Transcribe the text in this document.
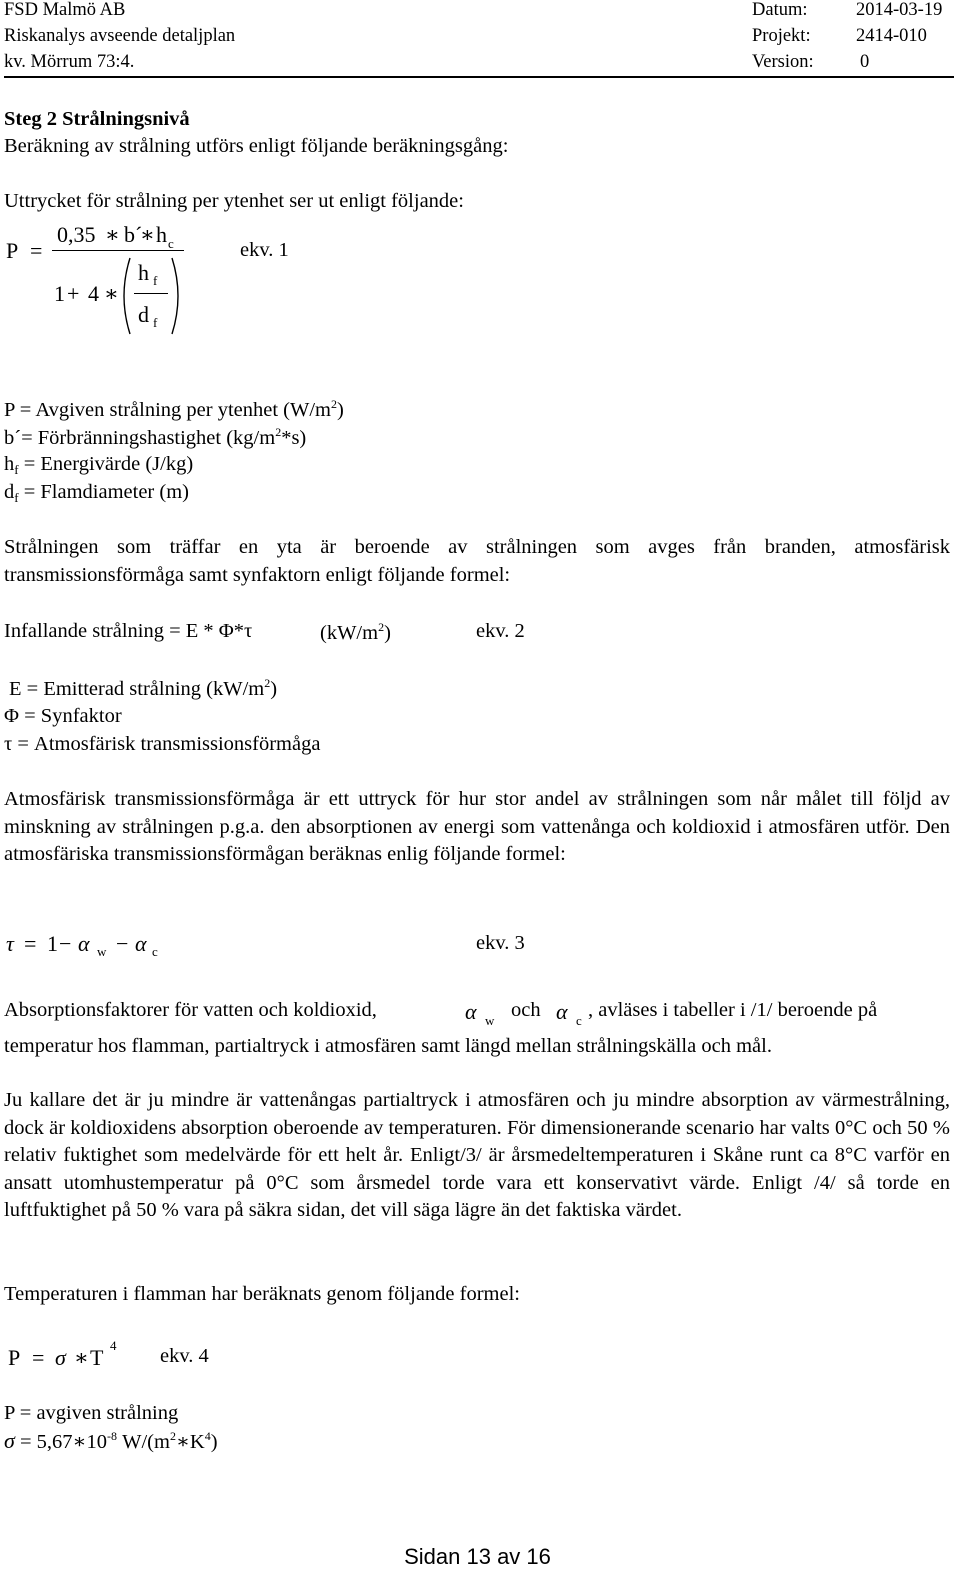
FSD Malmö AB
Riskanalys avseende detaljplan
kv. Mörrum 73:4.
Datum:	2014-03-19
Projekt: 2414-010
Version:	0
Steg 2 Strålningsnivå
Beräkning av strålning utförs enligt följande beräkningsgång:
Uttrycket för strålning per ytenhet ser ut enligt följande:
P =
0,35 ∗ b´
∗ h c
1 + 4 ∗
h f
d f
ekv. 1
P = Avgiven strålning per ytenhet $(W/m^2)$
b´= Förbränningshastighet $(kg/m^2*s)$
$h_f$ = Energivärde (J/kg)
$d_f$ = Flamdiameter (m)
Strålningen som träffar en yta är beroende av strålningen som avges från branden, atmosfärisk transmissionsförmåga samt synfaktorn enligt följande formel:
Infallande strålning = E * Φ*τ	$(kW/m^2)$	ekv. 2
E = Emitterad strålning $(kW/m^2)$
Φ = Synfaktor
τ = Atmosfärisk transmissionsförmåga
Atmosfärisk transmissionsförmåga är ett uttryck för hur stor andel av strålningen som når målet till följd av minskning av strålningen p.g.a. den absorptionen av energi som vattenånga och koldioxid i atmosfären utför. Den atmosfäriska transmissionsförmågan beräknas enlig följande formel:
τ = 1 − α w − α c	ekv. 3
Absorptionsfaktorer för vatten och koldioxid,	α w och α c , avläses i tabeller i /1/ beroende på
temperatur hos flamman, partialtryck i atmosfären samt längd mellan strålningskälla och mål.
Ju kallare det är ju mindre är vattenångas partialtryck i atmosfären och ju mindre absorption av värmestrålning, dock är koldioxidens absorption oberoende av temperaturen. För dimensionerande scenario har valts 0°C och 50 % relativ fuktighet som medelvärde för ett helt år. Enligt/3/ är årsmedeltemperaturen i Skåne runt ca 8°C varför en ansatt utomhustemperatur på 0°C som årsmedel torde vara ett konservativt värde. Enligt /4/ så torde en luftfuktighet på 50 % vara på säkra sidan, det vill säga lägre än det faktiska värdet.
Temperaturen i flamman har beräknats genom följande formel:
P = σ ∗ T 4 ekv. 4
P = avgiven strålning
$\sigma = 5,67∗10^{-8}$ $W/(m^2∗K^4)$
Sidan 13 av 16
